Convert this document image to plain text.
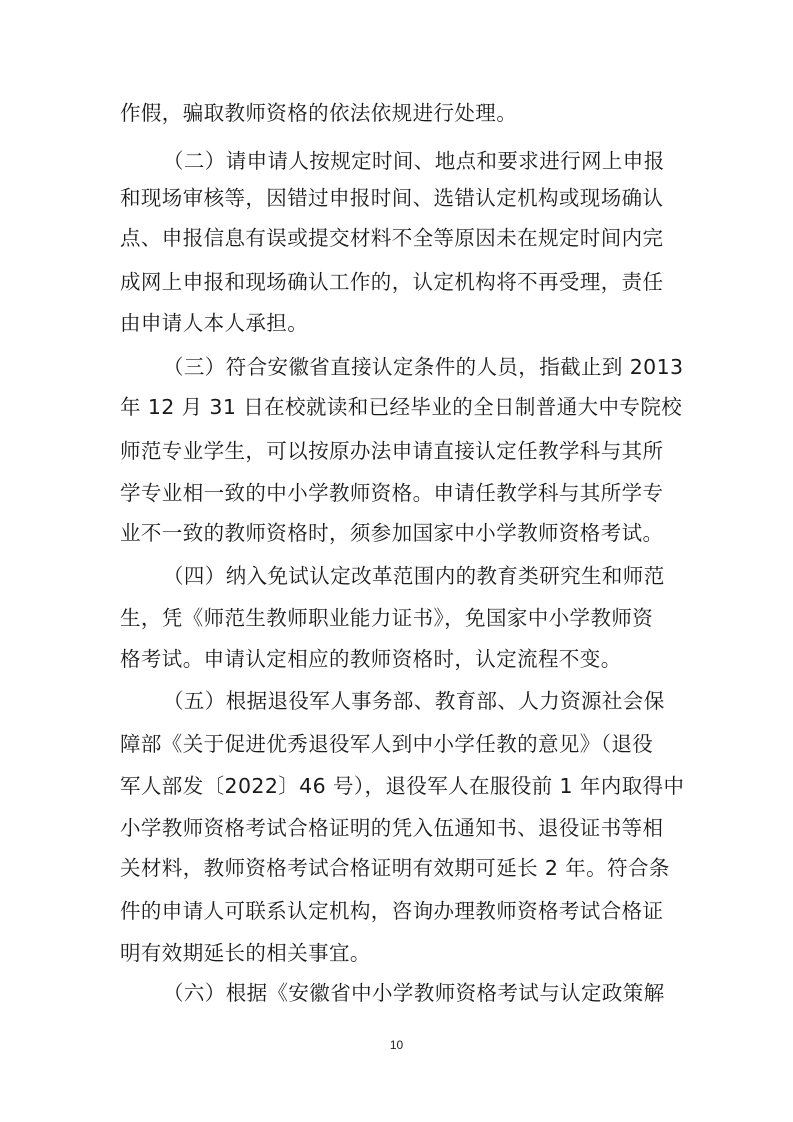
作假，骗取教师资格的依法依规进行处理。
（二）请申请人按规定时间、地点和要求进行网上申报
和现场审核等，因错过申报时间、选错认定机构或现场确认
点、申报信息有误或提交材料不全等原因未在规定时间内完
成网上申报和现场确认工作的，认定机构将不再受理，责任
由申请人本人承担。
（三）符合安徽省直接认定条件的人员，指截止到 2013
年 12 月 31 日在校就读和已经毕业的全日制普通大中专院校
师范专业学生，可以按原办法申请直接认定任教学科与其所
学专业相一致的中小学教师资格。申请任教学科与其所学专
业不一致的教师资格时，须参加国家中小学教师资格考试。
（四）纳入免试认定改革范围内的教育类研究生和师范
生，凭《师范生教师职业能力证书》，免国家中小学教师资
格考试。申请认定相应的教师资格时，认定流程不变。
（五）根据退役军人事务部、教育部、人力资源社会保
障部《关于促进优秀退役军人到中小学任教的意见》（退役
军人部发〔2022〕46 号），退役军人在服役前 1 年内取得中
小学教师资格考试合格证明的凭入伍通知书、退役证书等相
关材料，教师资格考试合格证明有效期可延长 2 年。符合条
件的申请人可联系认定机构，咨询办理教师资格考试合格证
明有效期延长的相关事宜。
（六）根据《安徽省中小学教师资格考试与认定政策解
10
